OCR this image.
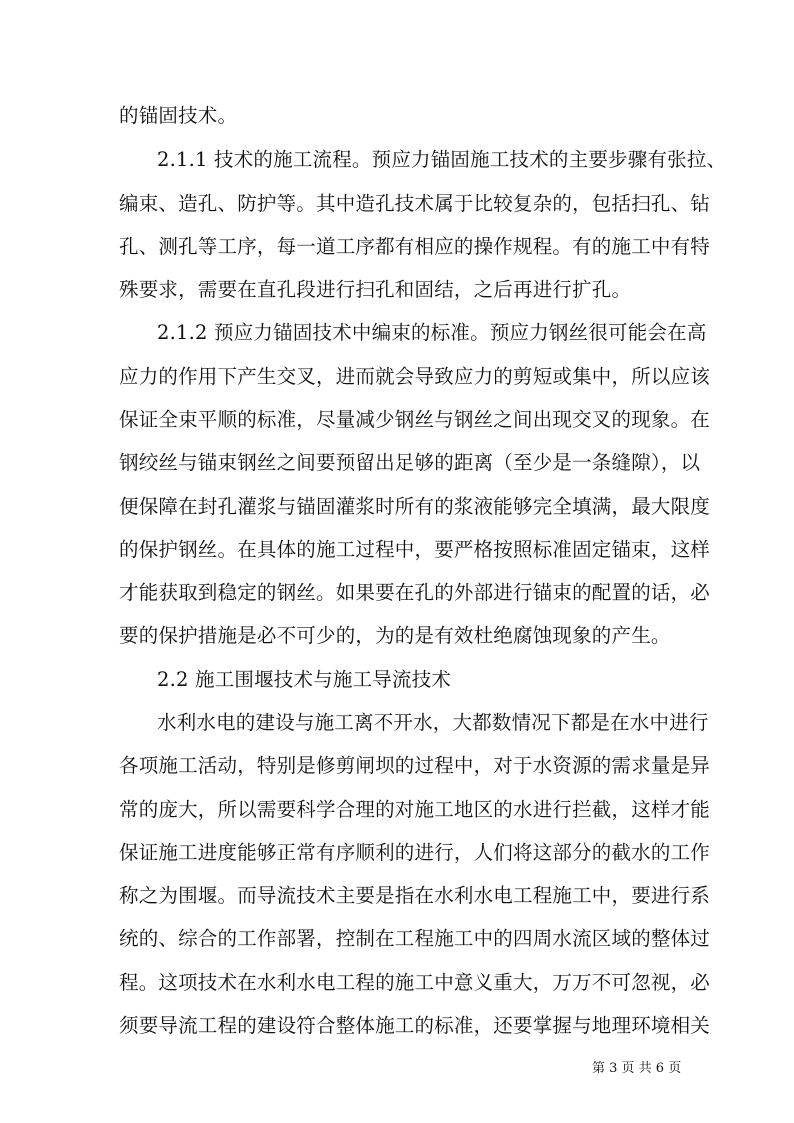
的锚固技术。
2.1.1 技术的施工流程。预应力锚固施工技术的主要步骤有张拉、
编束、造孔、防护等。其中造孔技术属于比较复杂的，包括扫孔、钻
孔、测孔等工序，每一道工序都有相应的操作规程。有的施工中有特
殊要求，需要在直孔段进行扫孔和固结，之后再进行扩孔。
2.1.2 预应力锚固技术中编束的标准。预应力钢丝很可能会在高
应力的作用下产生交叉，进而就会导致应力的剪短或集中，所以应该
保证全束平顺的标准，尽量减少钢丝与钢丝之间出现交叉的现象。在
钢绞丝与锚束钢丝之间要预留出足够的距离（至少是一条缝隙），以
便保障在封孔灌浆与锚固灌浆时所有的浆液能够完全填满，最大限度
的保护钢丝。在具体的施工过程中，要严格按照标准固定锚束，这样
才能获取到稳定的钢丝。如果要在孔的外部进行锚束的配置的话，必
要的保护措施是必不可少的，为的是有效杜绝腐蚀现象的产生。
2.2 施工围堰技术与施工导流技术
水利水电的建设与施工离不开水，大都数情况下都是在水中进行
各项施工活动，特别是修剪闸坝的过程中，对于水资源的需求量是异
常的庞大，所以需要科学合理的对施工地区的水进行拦截，这样才能
保证施工进度能够正常有序顺利的进行，人们将这部分的截水的工作
称之为围堰。而导流技术主要是指在水利水电工程施工中，要进行系
统的、综合的工作部署，控制在工程施工中的四周水流区域的整体过
程。这项技术在水利水电工程的施工中意义重大，万万不可忽视，必
须要导流工程的建设符合整体施工的标准，还要掌握与地理环境相关
第 3 页 共 6 页
